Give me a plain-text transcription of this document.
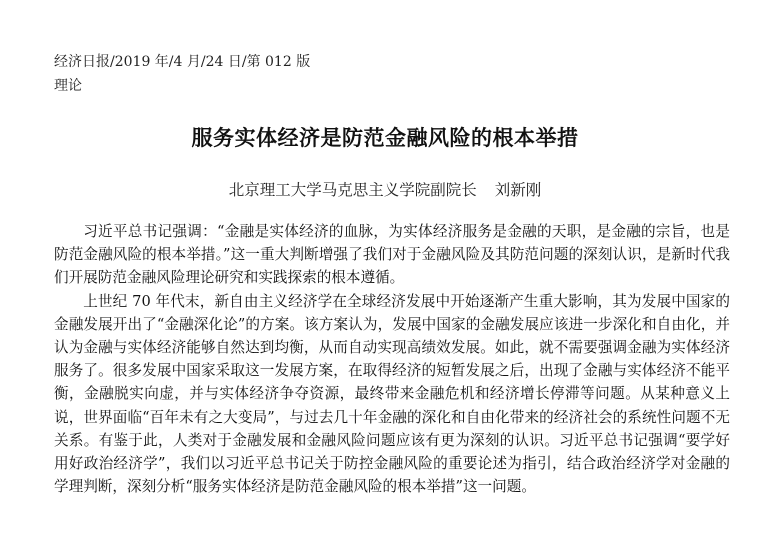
经济日报/2019 年/4 月/24 日/第 012 版
理论
服务实体经济是防范金融风险的根本举措
北京理工大学马克思主义学院副院长 刘新刚

习近平总书记强调：“金融是实体经济的血脉，为实体经济服务是金融的天职，是金融的宗旨，也是防范金融风险的根本举措。”这一重大判断增强了我们对于金融风险及其防范问题的深刻认识，是新时代我们开展防范金融风险理论研究和实践探索的根本遵循。

上世纪 70 年代末，新自由主义经济学在全球经济发展中开始逐渐产生重大影响，其为发展中国家的金融发展开出了“金融深化论”的方案。该方案认为，发展中国家的金融发展应该进一步深化和自由化，并认为金融与实体经济能够自然达到均衡，从而自动实现高绩效发展。如此，就不需要强调金融为实体经济服务了。很多发展中国家采取这一发展方案，在取得经济的短暂发展之后，出现了金融与实体经济不能平衡，金融脱实向虚，并与实体经济争夺资源，最终带来金融危机和经济增长停滞等问题。从某种意义上说，世界面临“百年未有之大变局”，与过去几十年金融的深化和自由化带来的经济社会的系统性问题不无关系。有鉴于此，人类对于金融发展和金融风险问题应该有更为深刻的认识。习近平总书记强调“要学好用好政治经济学”，我们以习近平总书记关于防控金融风险的重要论述为指引，结合政治经济学对金融的学理判断，深刻分析“服务实体经济是防范金融风险的根本举措”这一问题。
